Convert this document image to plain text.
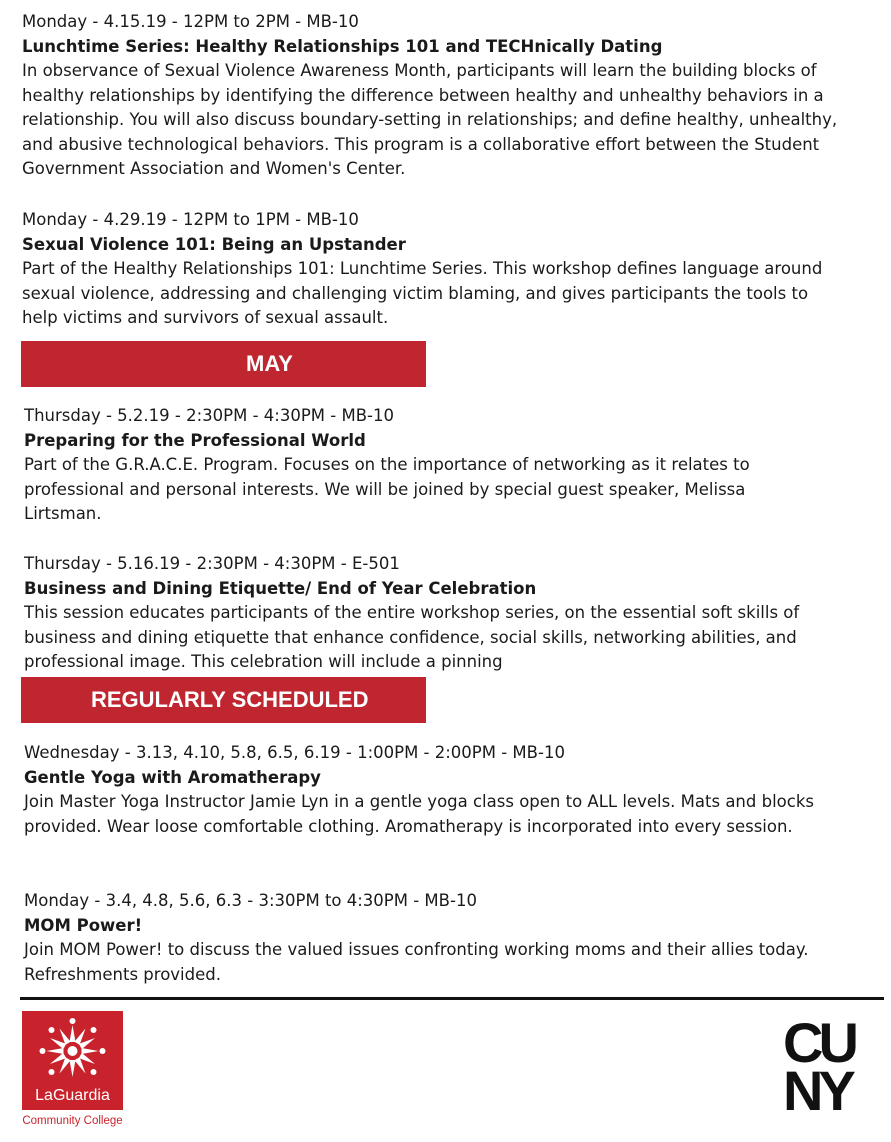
Monday - 4.15.19 - 12PM to 2PM - MB-10
Lunchtime Series: Healthy Relationships 101 and TECHnically Dating
In observance of Sexual Violence Awareness Month, participants will learn the building blocks of healthy relationships by identifying the difference between healthy and unhealthy behaviors in a relationship. You will also discuss boundary-setting in relationships; and define healthy, unhealthy, and abusive technological behaviors. This program is a collaborative effort between the Student Government Association and Women's Center.
Monday - 4.29.19 - 12PM to 1PM - MB-10
Sexual Violence 101: Being an Upstander
Part of the Healthy Relationships 101: Lunchtime Series. This workshop defines language around sexual violence, addressing and challenging victim blaming, and gives participants the tools to help victims and survivors of sexual assault.
MAY
Thursday - 5.2.19 - 2:30PM - 4:30PM - MB-10
Preparing for the Professional World
Part of the G.R.A.C.E. Program. Focuses on the importance of networking as it relates to professional and personal interests. We will be joined by special guest speaker, Melissa Lirtsman.
Thursday - 5.16.19 - 2:30PM - 4:30PM - E-501
Business and Dining Etiquette/ End of Year Celebration
This session educates participants of the entire workshop series, on the essential soft skills of business and dining etiquette that enhance confidence, social skills, networking abilities, and professional image. This celebration will include a pinning
REGULARLY SCHEDULED
Wednesday - 3.13, 4.10, 5.8, 6.5, 6.19 - 1:00PM - 2:00PM - MB-10
Gentle Yoga with Aromatherapy
Join Master Yoga Instructor Jamie Lyn in a gentle yoga class open to ALL levels. Mats and blocks provided. Wear loose comfortable clothing. Aromatherapy is incorporated into every session.
Monday - 3.4, 4.8, 5.6, 6.3 - 3:30PM to 4:30PM - MB-10
MOM Power!
Join MOM Power! to discuss the valued issues confronting working moms and their allies today. Refreshments provided.
LaGuardia
Community College
CU
NY
